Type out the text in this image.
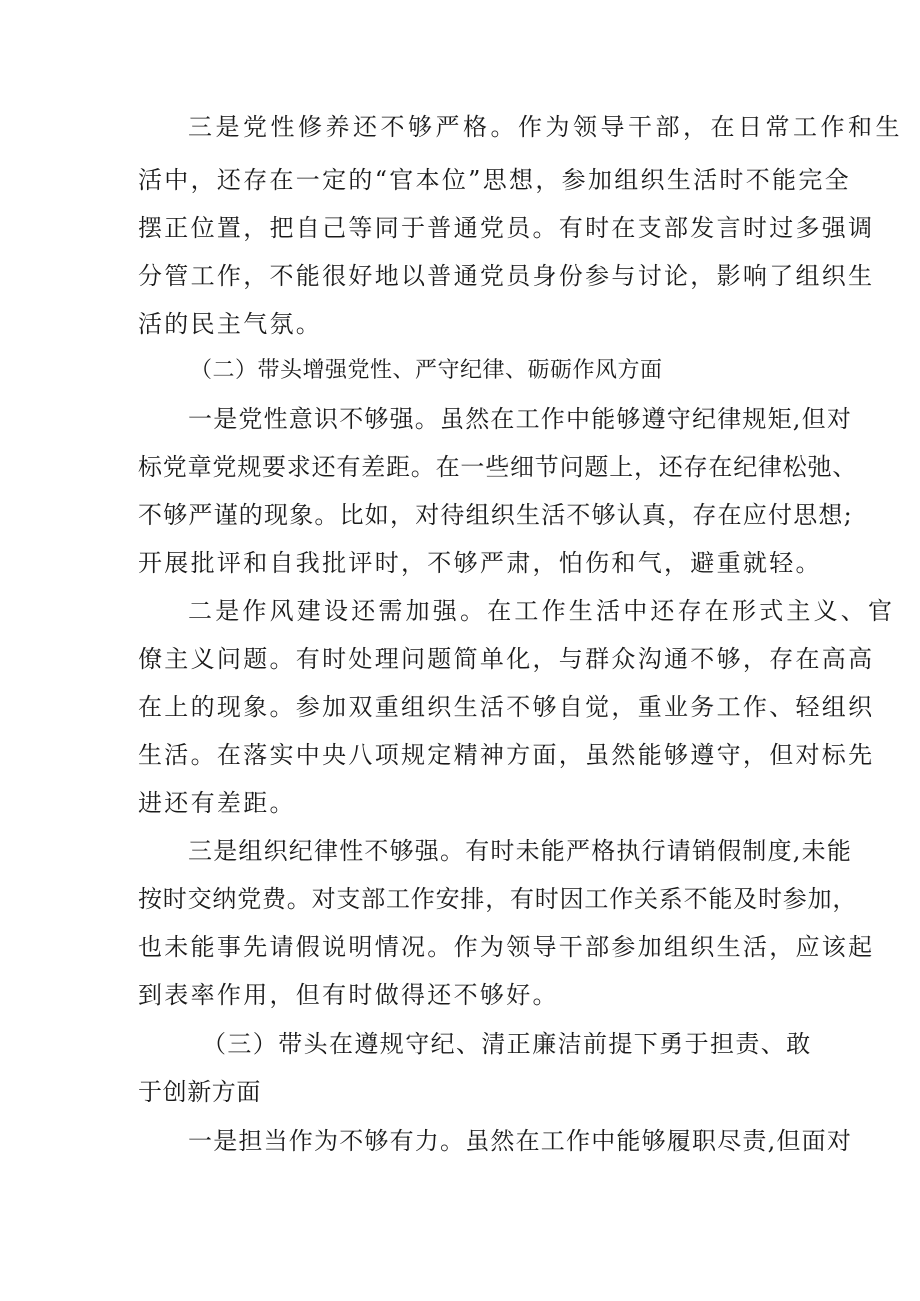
三是党性修养还不够严格。作为领导干部，在日常工作和生
活中，还存在一定的“官本位”思想，参加组织生活时不能完全
摆正位置，把自己等同于普通党员。有时在支部发言时过多强调
分管工作，不能很好地以普通党员身份参与讨论，影响了组织生
活的民主气氛。
（二）带头增强党性、严守纪律、砺砺作风方面
一是党性意识不够强。虽然在工作中能够遵守纪律规矩,但对
标党章党规要求还有差距。在一些细节问题上，还存在纪律松弛、
不够严谨的现象。比如，对待组织生活不够认真，存在应付思想;
开展批评和自我批评时，不够严肃，怕伤和气，避重就轻。
二是作风建设还需加强。在工作生活中还存在形式主义、官
僚主义问题。有时处理问题简单化，与群众沟通不够，存在高高
在上的现象。参加双重组织生活不够自觉，重业务工作、轻组织
生活。在落实中央八项规定精神方面，虽然能够遵守，但对标先
进还有差距。
三是组织纪律性不够强。有时未能严格执行请销假制度,未能
按时交纳党费。对支部工作安排，有时因工作关系不能及时参加，
也未能事先请假说明情况。作为领导干部参加组织生活，应该起
到表率作用，但有时做得还不够好。
（三）带头在遵规守纪、清正廉洁前提下勇于担责、敢
于创新方面
一是担当作为不够有力。虽然在工作中能够履职尽责,但面对
